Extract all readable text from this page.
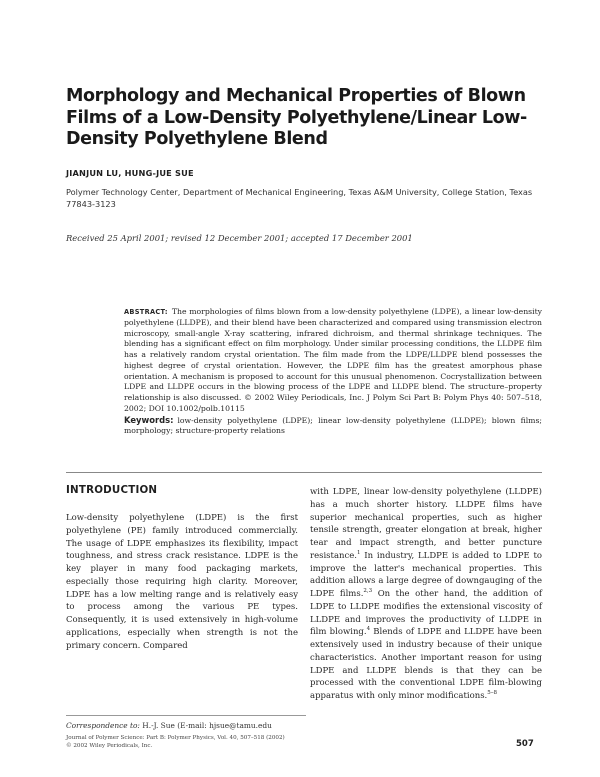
Morphology and Mechanical Properties of Blown Films of a Low-Density Polyethylene/Linear Low-Density Polyethylene Blend
JIANJUN LU, HUNG-JUE SUE
Polymer Technology Center, Department of Mechanical Engineering, Texas A&M University, College Station, Texas 77843-3123
Received 25 April 2001; revised 12 December 2001; accepted 17 December 2001
ABSTRACT: The morphologies of films blown from a low-density polyethylene (LDPE), a linear low-density polyethylene (LLDPE), and their blend have been characterized and compared using transmission electron microscopy, small-angle X-ray scattering, infrared dichroism, and thermal shrinkage techniques. The blending has a significant effect on film morphology. Under similar processing conditions, the LLDPE film has a relatively random crystal orientation. The film made from the LDPE/LLDPE blend possesses the highest degree of crystal orientation. However, the LDPE film has the greatest amorphous phase orientation. A mechanism is proposed to account for this unusual phenomenon. Cocrystallization between LDPE and LLDPE occurs in the blowing process of the LDPE and LLDPE blend. The structure–property relationship is also discussed. © 2002 Wiley Periodicals, Inc. J Polym Sci Part B: Polym Phys 40: 507–518, 2002; DOI 10.1002/polb.10115
Keywords: low-density polyethylene (LDPE); linear low-density polyethylene (LLDPE); blown films; morphology; structure-property relations
INTRODUCTION
Low-density polyethylene (LDPE) is the first polyethylene (PE) family introduced commercially. The usage of LDPE emphasizes its flexibility, impact toughness, and stress crack resistance. LDPE is the key player in many food packaging markets, especially those requiring high clarity. Moreover, LDPE has a low melting range and is relatively easy to process among the various PE types. Consequently, it is used extensively in high-volume applications, especially when strength is not the primary concern. Compared
with LDPE, linear low-density polyethylene (LLDPE) has a much shorter history. LLDPE films have superior mechanical properties, such as higher tensile strength, greater elongation at break, higher tear and impact strength, and better puncture resistance.$^1$ In industry, LLDPE is added to LDPE to improve the latter's mechanical properties. This addition allows a large degree of downgauging of the LDPE films.$^{2,3}$ On the other hand, the addition of LDPE to LLDPE modifies the extensional viscosity of LLDPE and improves the productivity of LLDPE in film blowing.$^4$ Blends of LDPE and LLDPE have been extensively used in industry because of their unique characteristics. Another important reason for using LDPE and LLDPE blends is that they can be processed with the conventional LDPE film-blowing apparatus with only minor modifications.$^{5-8}$
Correspondence to: H.-J. Sue (E-mail: hjsue@tamu.edu
Journal of Polymer Science: Part B: Polymer Physics, Vol. 40, 507–518 (2002)
© 2002 Wiley Periodicals, Inc.	507
